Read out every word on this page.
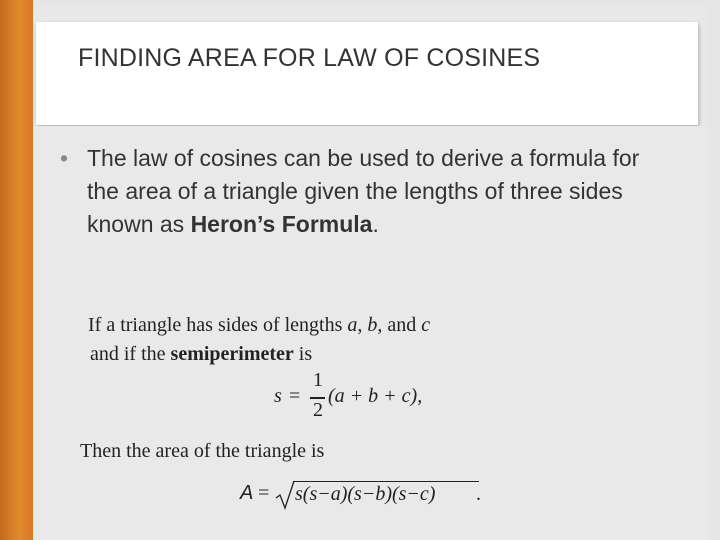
FINDING AREA FOR LAW OF COSINES
• The law of cosines can be used to derive a formula for the area of a triangle given the lengths of three sides known as Heron’s Formula.
If a triangle has sides of lengths a, b, and c
and if the semiperimeter is
s =
1
2
(a + b + c),
Then the area of the triangle is
A = s(s−a)(s−b)(s−c) .
